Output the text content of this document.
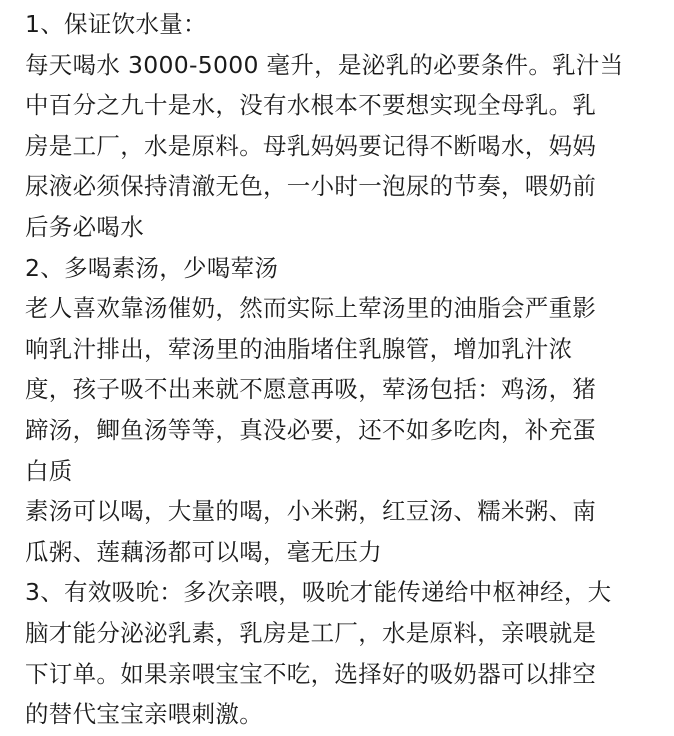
1、保证饮水量：
每天喝水 3000-5000 毫升，是泌乳的必要条件。乳汁当
中百分之九十是水，没有水根本不要想实现全母乳。乳
房是工厂，水是原料。母乳妈妈要记得不断喝水，妈妈
尿液必须保持清澈无色，一小时一泡尿的节奏，喂奶前
后务必喝水
2、多喝素汤，少喝荤汤
老人喜欢靠汤催奶，然而实际上荤汤里的油脂会严重影
响乳汁排出，荤汤里的油脂堵住乳腺管，增加乳汁浓
度，孩子吸不出来就不愿意再吸，荤汤包括：鸡汤，猪
蹄汤，鲫鱼汤等等，真没必要，还不如多吃肉，补充蛋
白质
素汤可以喝，大量的喝，小米粥，红豆汤、糯米粥、南
瓜粥、莲藕汤都可以喝，毫无压力
3、有效吸吮：多次亲喂，吸吮才能传递给中枢神经，大
脑才能分泌泌乳素，乳房是工厂，水是原料，亲喂就是
下订单。如果亲喂宝宝不吃，选择好的吸奶器可以排空
的替代宝宝亲喂刺激。
